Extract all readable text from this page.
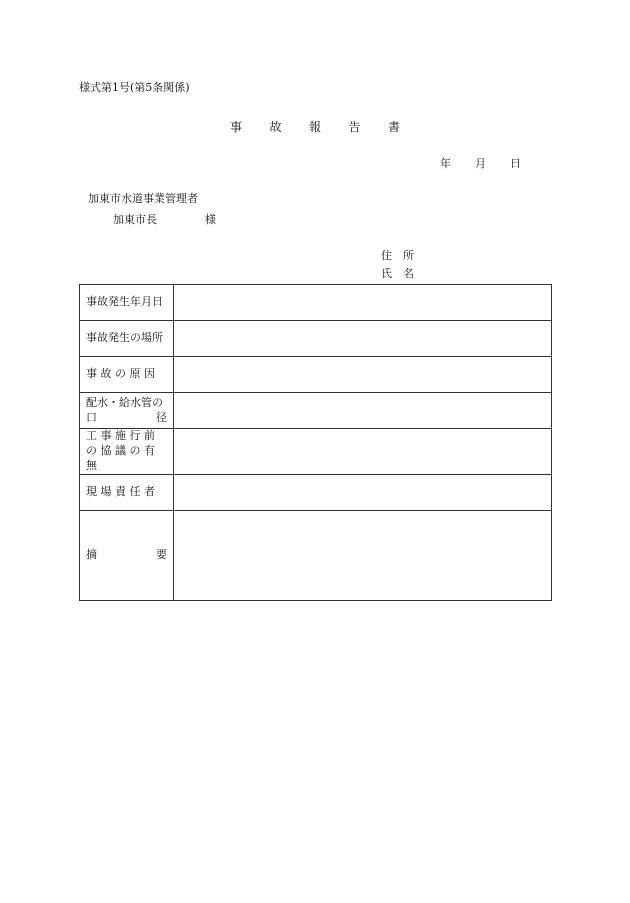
様式第1号(第5条関係)
事 故 報 告 書
年 月 日
加東市水道事業管理者
加東市長	様
住 所
氏 名
事故発生年月日	

事故発生の場所	

事 故 の 原 因	

配水・給水管の
口　　　　径	

工 事 施 行 前
の 協 議 の 有 無	

現 場 責 任 者	

摘　　　　要	
